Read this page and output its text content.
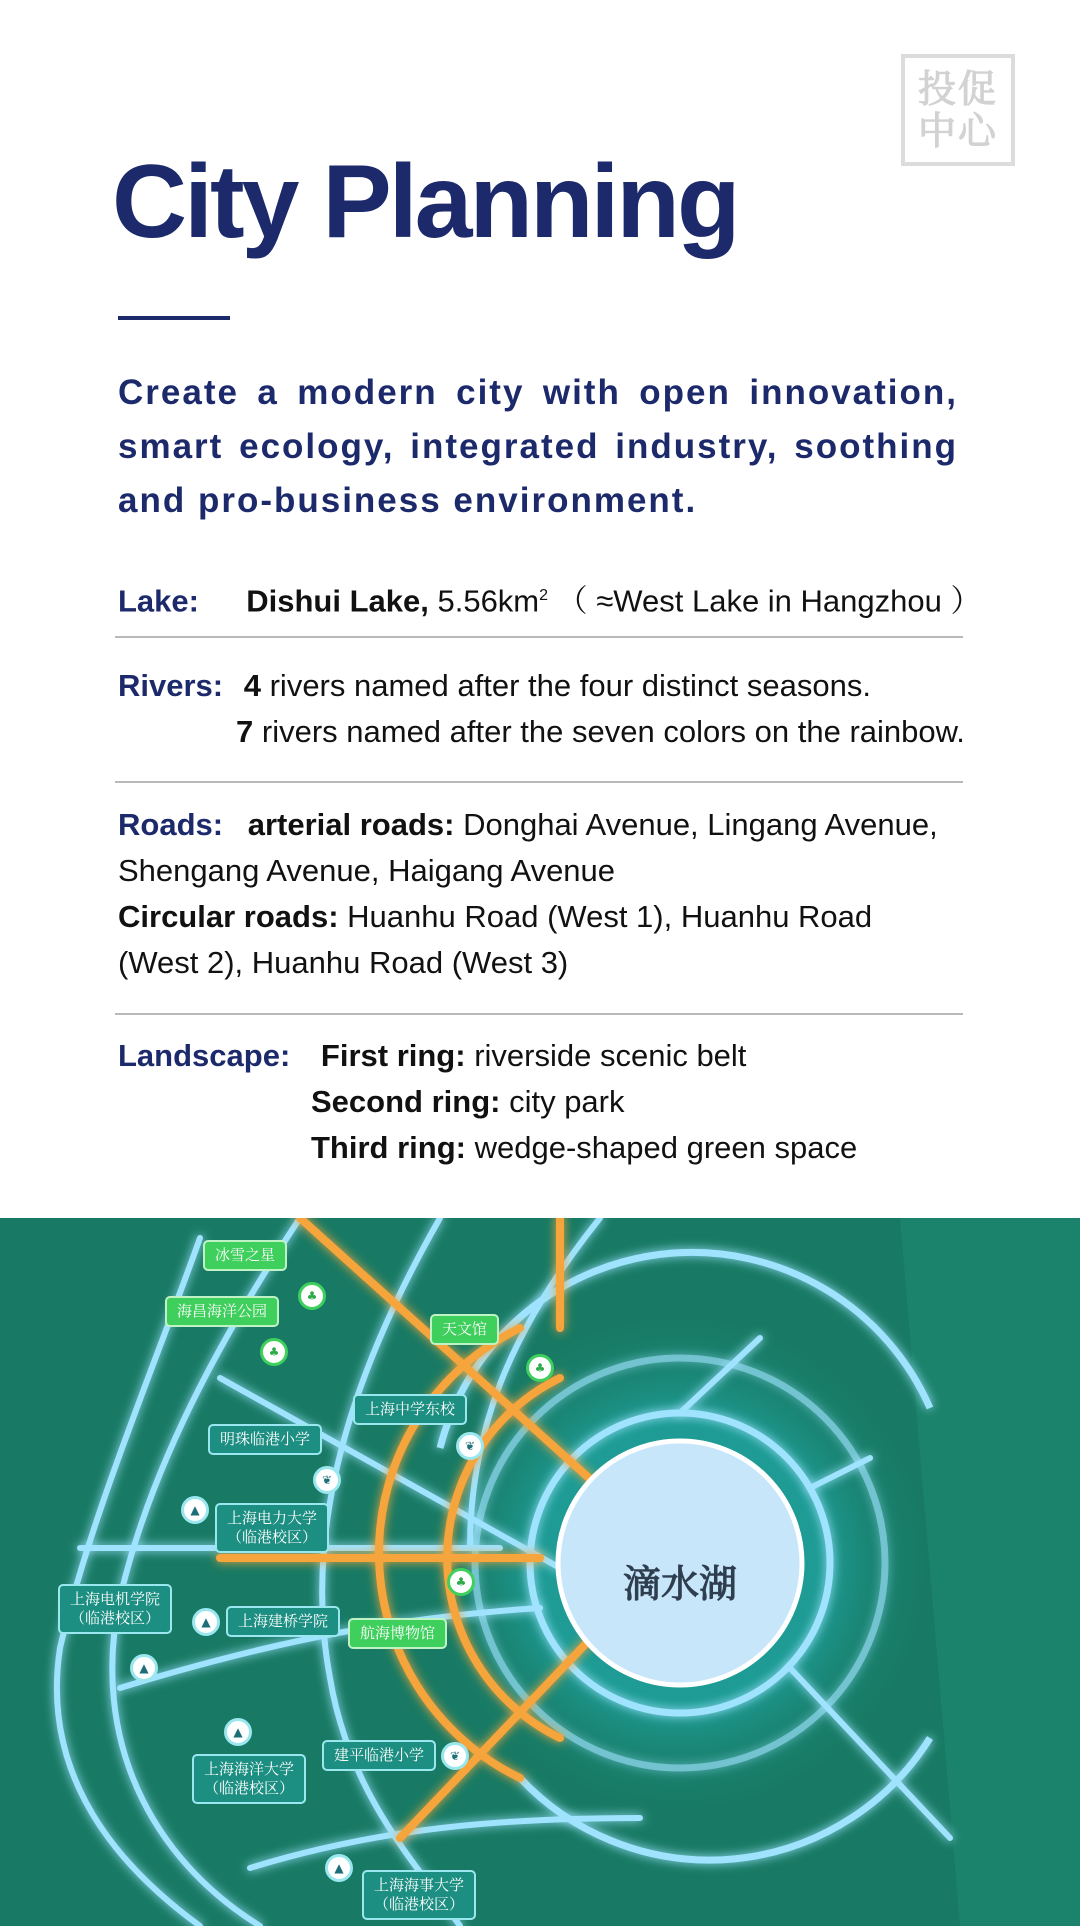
投促
中心
City Planning

Create a modern city with open innovation, smart ecology, integrated industry, soothing and pro-business environment.

Lake: Dishui Lake, $5.56km^2$ （ ≈West Lake in Hangzhou ）
Rivers: 4 rivers named after the four distinct seasons.
7 rivers named after the seven colors on the rainbow.
Roads: arterial roads: Donghai Avenue, Lingang Avenue,
Shengang Avenue, Haigang Avenue
Circular roads: Huanhu Road (West 1), Huanhu Road
(West 2), Huanhu Road (West 3)
Landscape: First ring: riverside scenic belt
Second ring: city park
Third ring: wedge-shaped green space
滴水湖
冰雪之星
♣
海昌海洋公园
♣
天文馆
♣
上海中学东校
❦
明珠临港小学
❦
▲	上海电力大学
（临港校区）
上海电机学院
（临港校区）
▲
▲	上海建桥学院
♣
航海博物馆
▲
上海海洋大学
（临港校区）
建平临港小学	❦
▲
上海海事大学
（临港校区）
